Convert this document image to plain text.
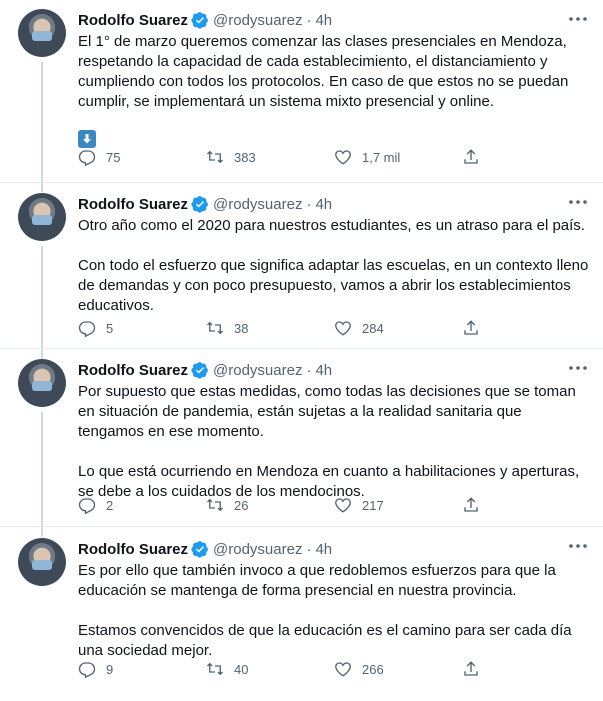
Rodolfo Suarez @rodysuarez · 4h

El 1° de marzo queremos comenzar las clases presenciales en Mendoza, respetando la capacidad de cada establecimiento, el distanciamiento y cumpliendo con todos los protocolos. En caso de que estos no se puedan cumplir, se implementará un sistema mixto presencial y online.

75	383	1,7 mil
Rodolfo Suarez @rodysuarez · 4h

Otro año como el 2020 para nuestros estudiantes, es un atraso para el país.

Con todo el esfuerzo que significa adaptar las escuelas, en un contexto lleno de demandas y con poco presupuesto, vamos a abrir los establecimientos educativos.

5	38	284
Rodolfo Suarez @rodysuarez · 4h

Por supuesto que estas medidas, como todas las decisiones que se toman en situación de pandemia, están sujetas a la realidad sanitaria que tengamos en ese momento.

Lo que está ocurriendo en Mendoza en cuanto a habilitaciones y aperturas, se debe a los cuidados de los mendocinos.

2	26	217
Rodolfo Suarez @rodysuarez · 4h

Es por ello que también invoco a que redoblemos esfuerzos para que la educación se mantenga de forma presencial en nuestra provincia.

Estamos convencidos de que la educación es el camino para ser cada día una sociedad mejor.

9	40	266
